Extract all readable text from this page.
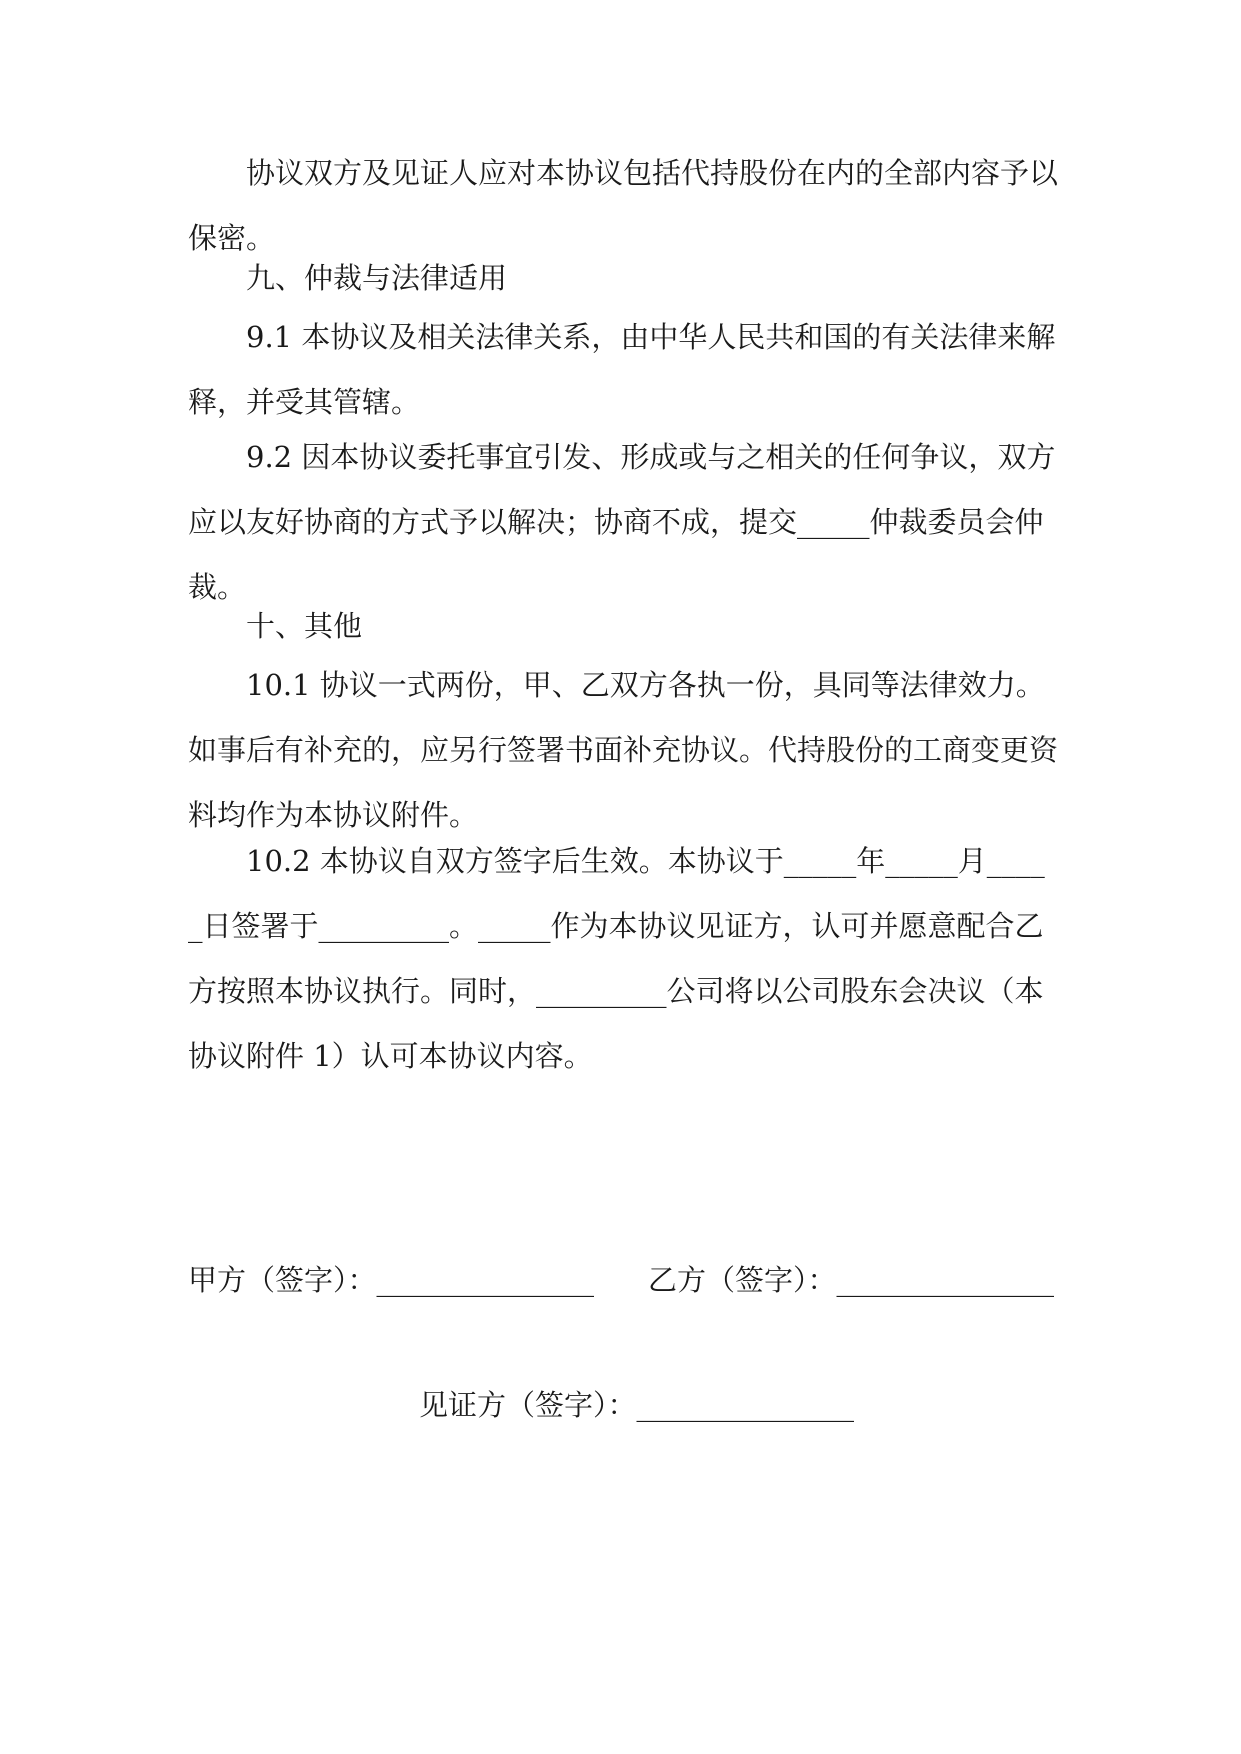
协议双方及见证人应对本协议包括代持股份在内的全部内容予以保密。

九、仲裁与法律适用

9.1 本协议及相关法律关系，由中华人民共和国的有关法律来解释，并受其管辖。

9.2 因本协议委托事宜引发、形成或与之相关的任何争议，双方应以友好协商的方式予以解决；协商不成，提交_____仲裁委员会仲裁。

十、其他

10.1 协议一式两份，甲、乙双方各执一份，具同等法律效力。如事后有补充的，应另行签署书面补充协议。代持股份的工商变更资料均作为本协议附件。

10.2 本协议自双方签字后生效。本协议于_____年_____月_____日签署于_________。_____作为本协议见证方，认可并愿意配合乙方按照本协议执行。同时，_________公司将以公司股东会决议（本协议附件 1）认可本协议内容。

甲方（签字）：_______________ 乙方（签字）：_______________
见证方（签字）：_______________
